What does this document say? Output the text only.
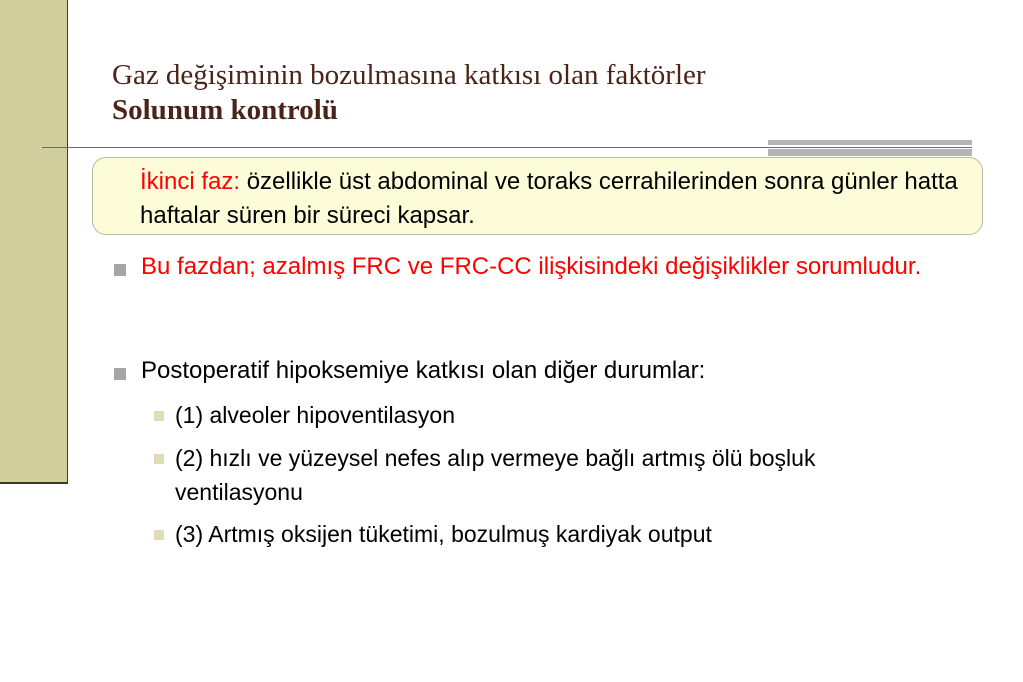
Gaz değişiminin bozulmasına katkısı olan faktörler
Solunum kontrolü
İkinci faz: özellikle üst abdominal ve toraks cerrahilerinden sonra günler hatta haftalar süren bir süreci kapsar.
Bu fazdan; azalmış FRC ve FRC-CC ilişkisindeki değişiklikler sorumludur.
Postoperatif hipoksemiye katkısı olan diğer durumlar:
(1) alveoler hipoventilasyon
(2) hızlı ve yüzeysel nefes alıp vermeye bağlı artmış ölü boşluk ventilasyonu
(3) Artmış oksijen tüketimi, bozulmuş kardiyak output
